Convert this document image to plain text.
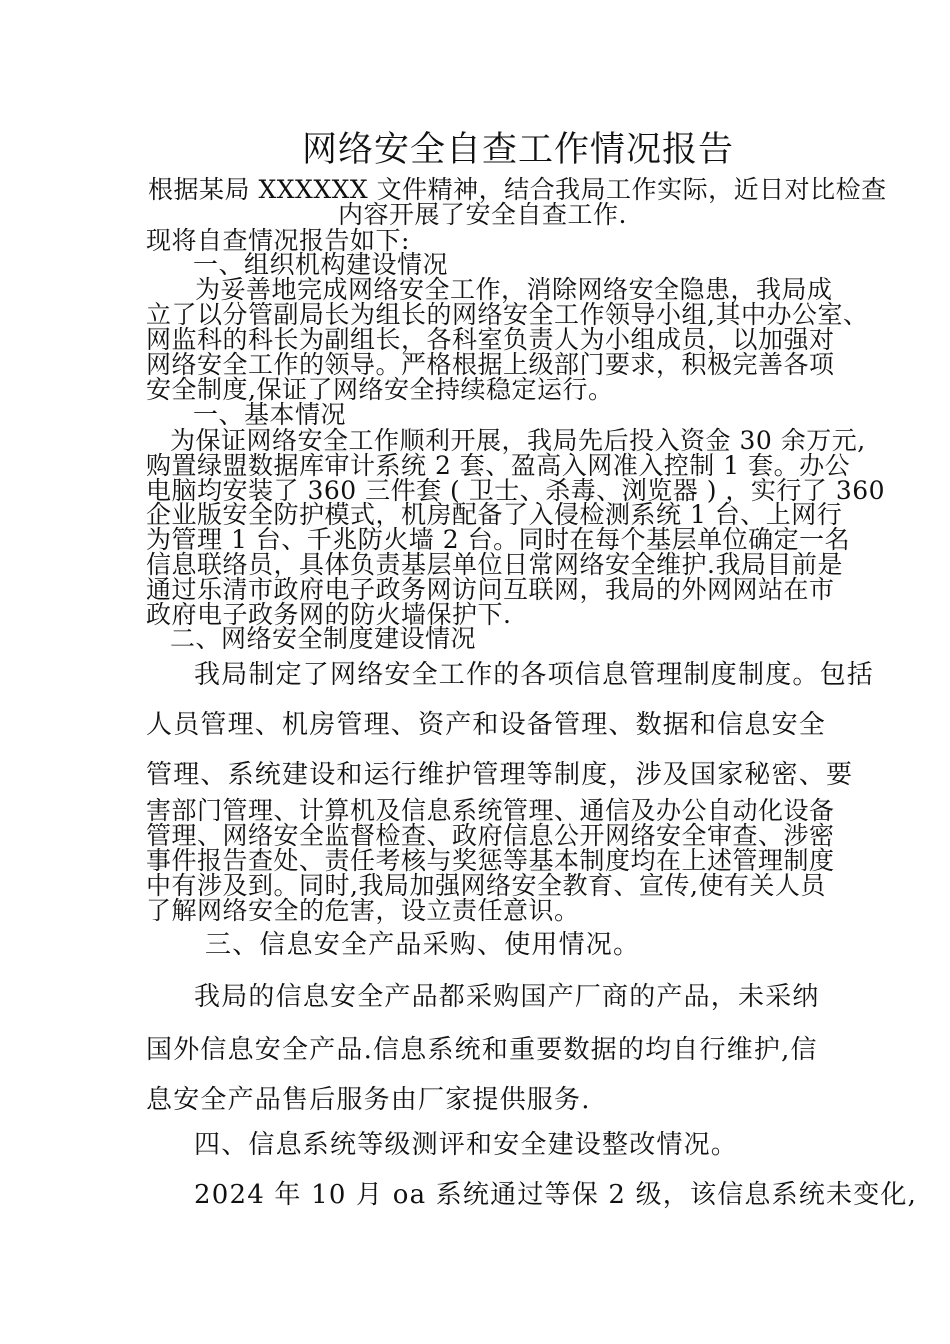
网络安全自查工作情况报告
根据某局 XXXXXX 文件精神，结合我局工作实际，近日对比检查
内容开展了安全自查工作.
现将自查情况报告如下:
一、组织机构建设情况
为妥善地完成网络安全工作，消除网络安全隐患，我局成
立了以分管副局长为组长的网络安全工作领导小组,其中办公室、
网监科的科长为副组长，各科室负责人为小组成员，以加强对
网络安全工作的领导。严格根据上级部门要求，积极完善各项
安全制度,保证了网络安全持续稳定运行。
一、基本情况
为保证网络安全工作顺利开展，我局先后投入资金 30 余万元,
购置绿盟数据库审计系统 2 套、盈高入网准入控制 1 套。办公
电脑均安装了 360 三件套 ( 卫士、杀毒、浏览器 ) ，实行了 360
企业版安全防护模式，机房配备了入侵检测系统 1 台、上网行
为管理 1 台、千兆防火墙 2 台。同时在每个基层单位确定一名
信息联络员，具体负责基层单位日常网络安全维护.我局目前是
通过乐清市政府电子政务网访问互联网，我局的外网网站在市
政府电子政务网的防火墙保护下.
二、网络安全制度建设情况
我局制定了网络安全工作的各项信息管理制度制度。包括
人员管理、机房管理、资产和设备管理、数据和信息安全
管理、系统建设和运行维护管理等制度，涉及国家秘密、要
害部门管理、计算机及信息系统管理、通信及办公自动化设备
管理、网络安全监督检查、政府信息公开网络安全审查、涉密
事件报告查处、责任考核与奖惩等基本制度均在上述管理制度
中有涉及到。同时,我局加强网络安全教育、宣传,使有关人员
了解网络安全的危害，设立责任意识。
三、信息安全产品采购、使用情况。
我局的信息安全产品都采购国产厂商的产品，未采纳
国外信息安全产品.信息系统和重要数据的均自行维护,信
息安全产品售后服务由厂家提供服务.
四、信息系统等级测评和安全建设整改情况。
2024 年 10 月 oa 系统通过等保 2 级，该信息系统未变化,
